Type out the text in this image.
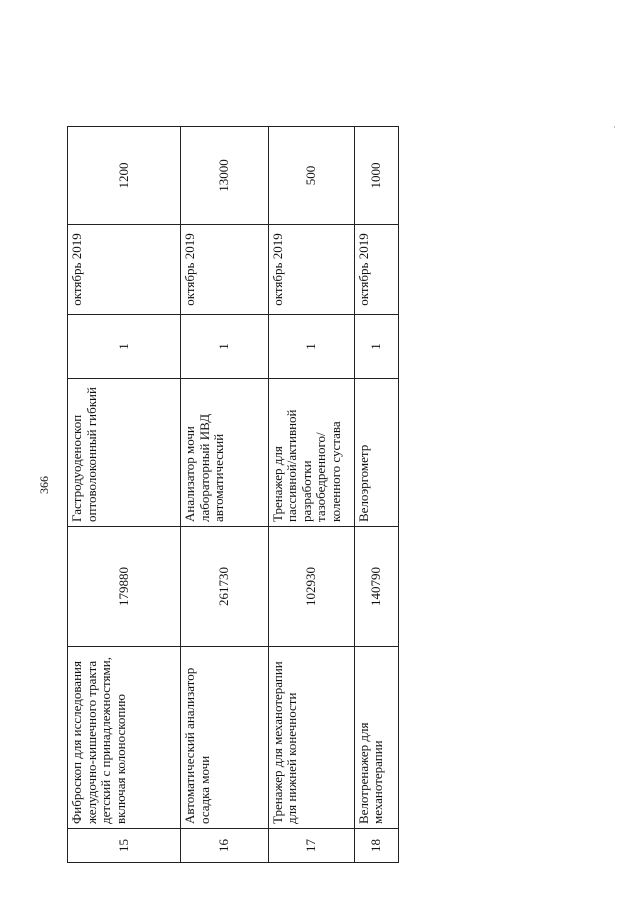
366
15	Фиброскоп для исследования желудочно-кишечного тракта детский с принадлежностями, включая колоноскопию	179880	Гастродуоденоскоп оптоволоконный гибкий	1	октябрь 2019	1200
16	Автоматический анализатор осадка мочи	261730	Анализатор мочи лабораторный ИВД автоматический	1	октябрь 2019	13000
17	Тренажер для механотерапии для нижней конечности	102930	Тренажер для пассивной/активной разработки тазобедренного/коленного сустава	1	октябрь 2019	500
18	Велотренажер для механотерапии	140790	Велоэргометр	1	октябрь 2019	1000
